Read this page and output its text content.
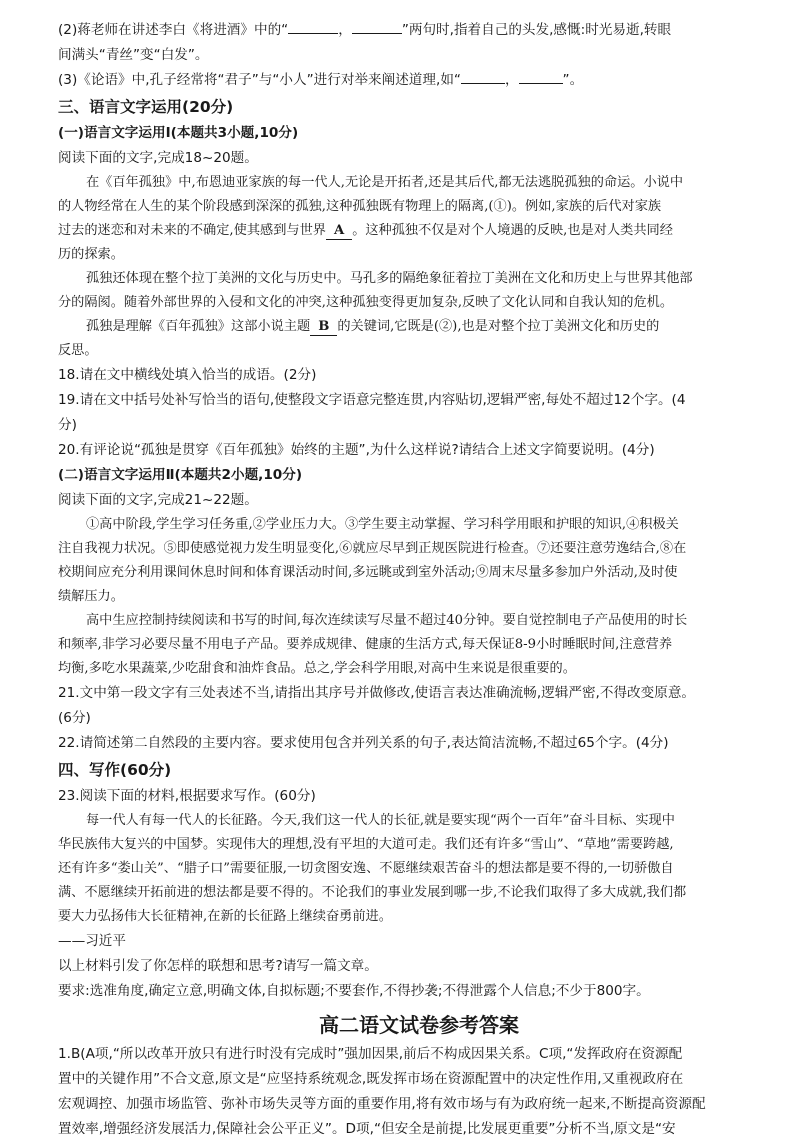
(2)蒋老师在讲述李白《将进酒》中的“	，	”两句时,指着自己的头发,感慨:时光易逝,转眼

间满头“青丝”变“白发”。

(3)《论语》中,孔子经常将“君子”与“小人”进行对举来阐述道理,如“	，	”。

三、语言文字运用(20分)

(一)语言文字运用Ⅰ(本题共3小题,10分)

阅读下面的文字,完成18~20题。

在《百年孤独》中,布恩迪亚家族的每一代人,无论是开拓者,还是其后代,都无法逃脱孤独的命运。小说中

的人物经常在人生的某个阶段感到深深的孤独,这种孤独既有物理上的隔离,(①)。例如,家族的后代对家族

过去的迷恋和对未来的不确定,使其感到与世界 A 。这种孤独不仅是对个人境遇的反映,也是对人类共同经

历的探索。

孤独还体现在整个拉丁美洲的文化与历史中。马孔多的隔绝象征着拉丁美洲在文化和历史上与世界其他部

分的隔阂。随着外部世界的入侵和文化的冲突,这种孤独变得更加复杂,反映了文化认同和自我认知的危机。

孤独是理解《百年孤独》这部小说主题 B 的关键词,它既是(②),也是对整个拉丁美洲文化和历史的

反思。

18.请在文中横线处填入恰当的成语。(2分)

19.请在文中括号处补写恰当的语句,使整段文字语意完整连贯,内容贴切,逻辑严密,每处不超过12个字。(4

分)

20.有评论说“孤独是贯穿《百年孤独》始终的主题”,为什么这样说?请结合上述文字简要说明。(4分)

(二)语言文字运用Ⅱ(本题共2小题,10分)

阅读下面的文字,完成21~22题。

①高中阶段,学生学习任务重,②学业压力大。③学生要主动掌握、学习科学用眼和护眼的知识,④积极关

注自我视力状况。⑤即使感觉视力发生明显变化,⑥就应尽早到正规医院进行检查。⑦还要注意劳逸结合,⑧在

校期间应充分利用课间休息时间和体育课活动时间,多远眺或到室外活动;⑨周末尽量多参加户外活动,及时使

绩解压力。

高中生应控制持续阅读和书写的时间,每次连续读写尽量不超过40分钟。要自觉控制电子产品使用的时长

和频率,非学习必要尽量不用电子产品。要养成规律、健康的生活方式,每天保证8-9小时睡眠时间,注意营养

均衡,多吃水果蔬菜,少吃甜食和油炸食品。总之,学会科学用眼,对高中生来说是很重要的。

21.文中第一段文字有三处表述不当,请指出其序号并做修改,使语言表达准确流畅,逻辑严密,不得改变原意。

(6分)

22.请简述第二自然段的主要内容。要求使用包含并列关系的句子,表达简洁流畅,不超过65个字。(4分)

四、写作(60分)

23.阅读下面的材料,根据要求写作。(60分)

每一代人有每一代人的长征路。今天,我们这一代人的长征,就是要实现“两个一百年”奋斗目标、实现中

华民族伟大复兴的中国梦。实现伟大的理想,没有平坦的大道可走。我们还有许多“雪山”、“草地”需要跨越,

还有许多“娄山关”、“腊子口”需要征服,一切贪图安逸、不愿继续艰苦奋斗的想法都是要不得的,一切骄傲自

满、不愿继续开拓前进的想法都是要不得的。不论我们的事业发展到哪一步,不论我们取得了多大成就,我们都

要大力弘扬伟大长征精神,在新的长征路上继续奋勇前进。

——习近平

以上材料引发了你怎样的联想和思考?请写一篇文章。

要求:选准角度,确定立意,明确文体,自拟标题;不要套作,不得抄袭;不得泄露个人信息;不少于800字。

高二语文试卷参考答案

1.B(A项,“所以改革开放只有进行时没有完成时”强加因果,前后不构成因果关系。C项,“发挥政府在资源配

置中的关键作用”不合文意,原文是“应坚持系统观念,既发挥市场在资源配置中的决定性作用,又重视政府在

宏观调控、加强市场监管、弥补市场失灵等方面的重要作用,将有效市场与有为政府统一起来,不断提高资源配

置效率,增强经济发展活力,保障社会公平正义”。D项,“但安全是前提,比发展更重要”分析不当,原文是“安
